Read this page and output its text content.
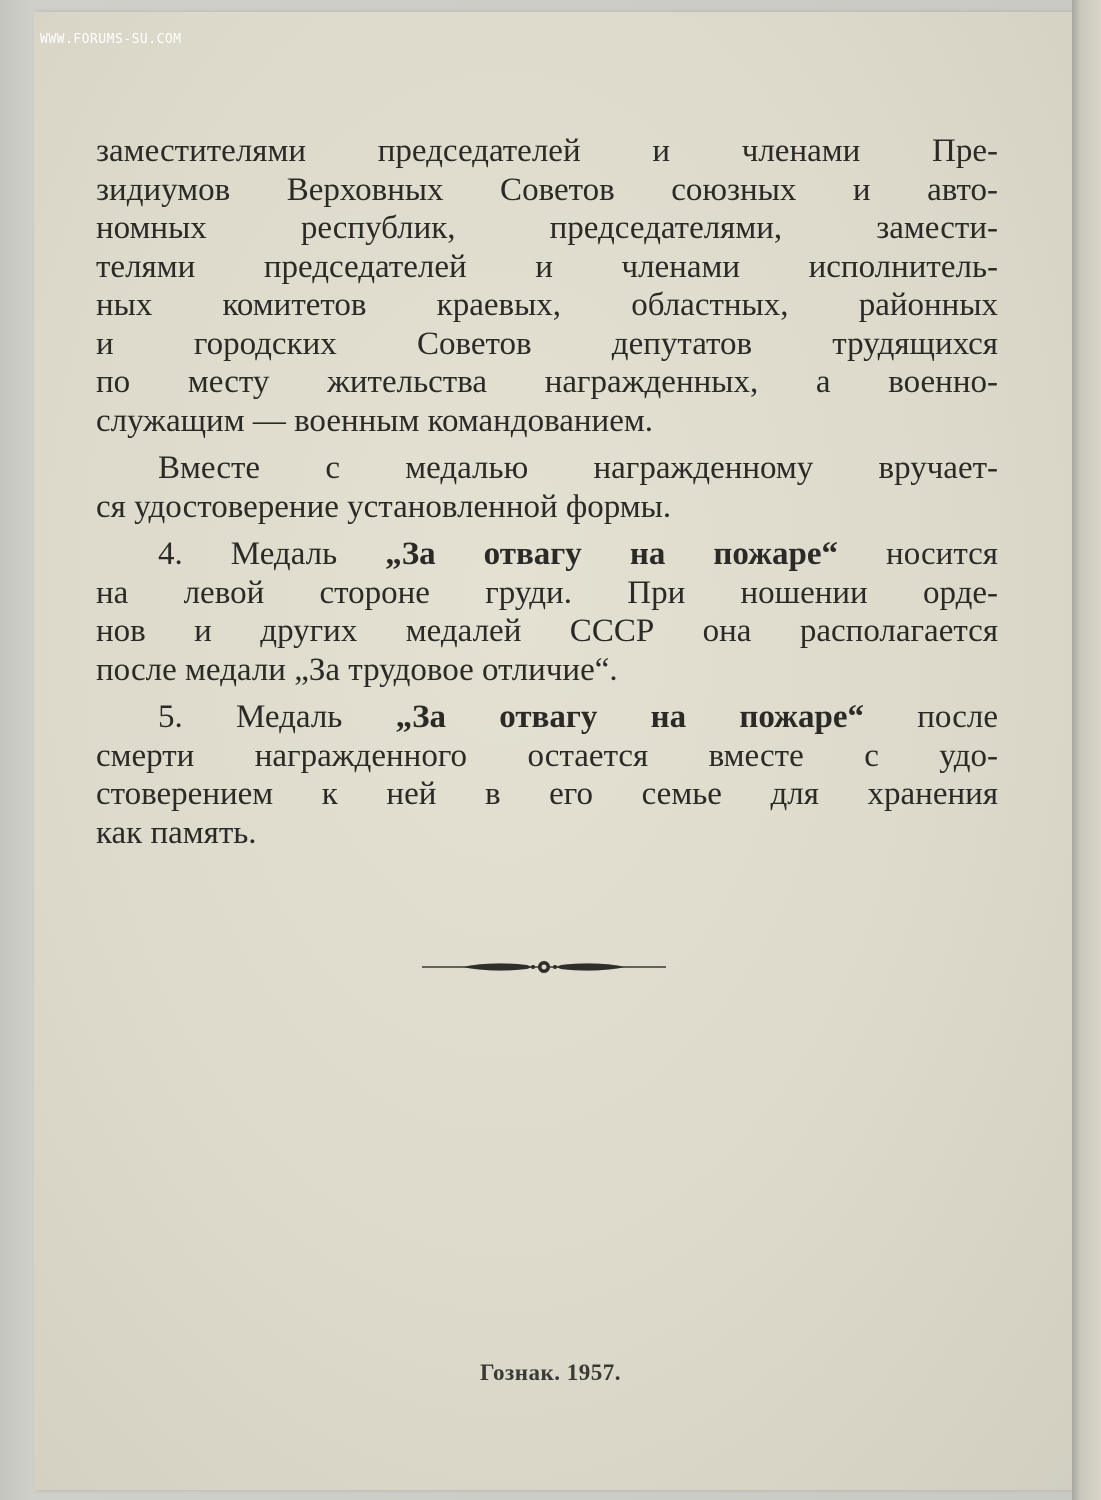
WWW.FORUMS-SU.COM
заместителями председателей и членами Пре-
зидиумов Верховных Советов союзных и авто-
номных республик, председателями, замести-
телями председателей и членами исполнитель-
ных комитетов краевых, областных, районных
и городских Советов депутатов трудящихся
по месту жительства награжденных, а военно-
служащим — военным командованием.
Вместе с медалью награжденному вручает-
ся удостоверение установленной формы.
4. Медаль „За отвагу на пожаре“ носится
на левой стороне груди. При ношении орде-
нов и других медалей СССР она располагается
после медали „За трудовое отличие“.
5. Медаль „За отвагу на пожаре“ после
смерти награжденного остается вместе с удо-
стоверением к ней в его семье для хранения
как память.
Гознак. 1957.
